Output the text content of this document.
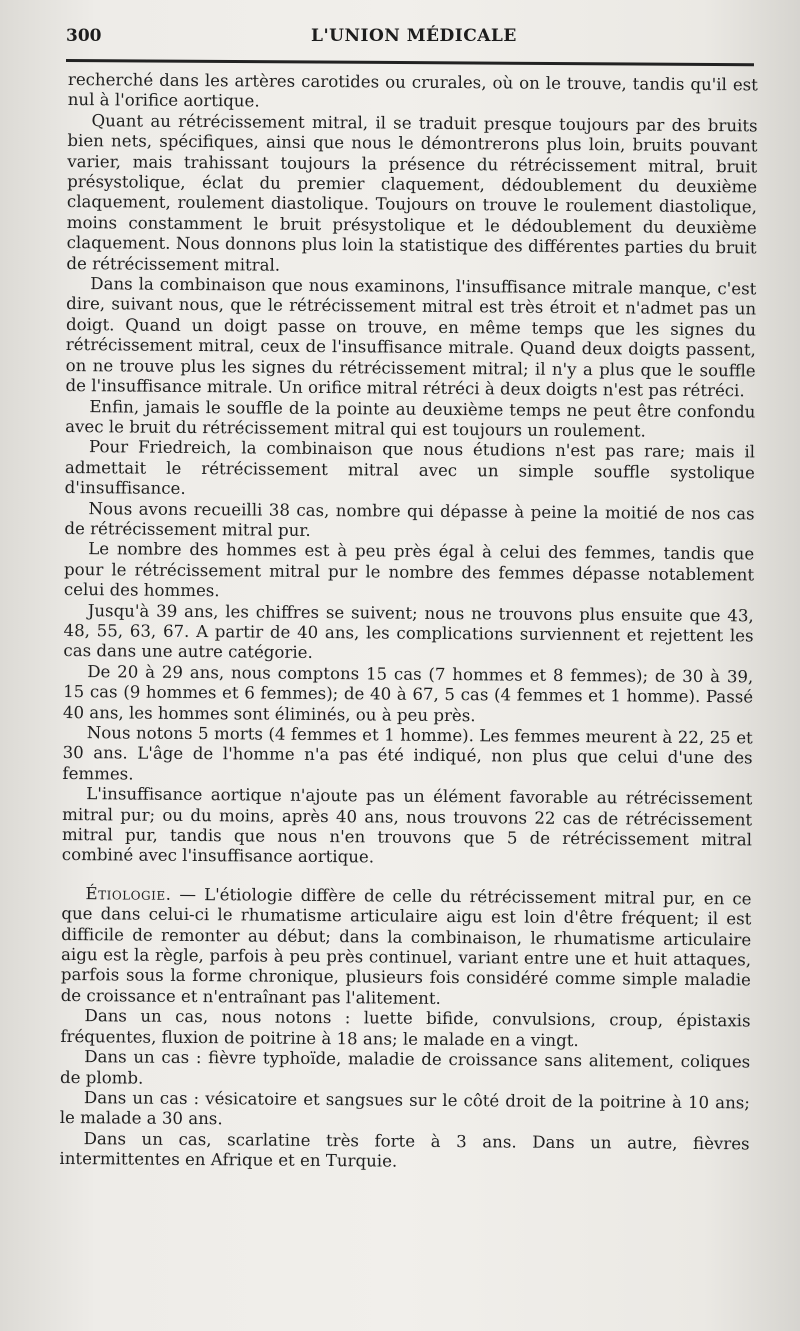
300	L'UNION MÉDICALE

recherché dans les artères carotides ou crurales, où on le trouve, tandis qu'il est nul à l'orifice aortique.

Quant au rétrécissement mitral, il se traduit presque toujours par des bruits bien nets, spécifiques, ainsi que nous le démontrerons plus loin, bruits pouvant varier, mais trahissant toujours la présence du rétrécissement mitral, bruit présystolique, éclat du premier claquement, dédoublement du deuxième claquement, roulement diastolique. Toujours on trouve le roulement diastolique, moins constamment le bruit présystolique et le dédoublement du deuxième claquement. Nous donnons plus loin la statistique des différentes parties du bruit de rétrécissement mitral.

Dans la combinaison que nous examinons, l'insuffisance mitrale manque, c'est dire, suivant nous, que le rétrécissement mitral est très étroit et n'admet pas un doigt. Quand un doigt passe on trouve, en même temps que les signes du rétrécissement mitral, ceux de l'insuffisance mitrale. Quand deux doigts passent, on ne trouve plus les signes du rétrécissement mitral; il n'y a plus que le souffle de l'insuffisance mitrale. Un orifice mitral rétréci à deux doigts n'est pas rétréci.

Enfin, jamais le souffle de la pointe au deuxième temps ne peut être confondu avec le bruit du rétrécissement mitral qui est toujours un roulement.

Pour Friedreich, la combinaison que nous étudions n'est pas rare; mais il admettait le rétrécissement mitral avec un simple souffle systolique d'insuffisance.

Nous avons recueilli 38 cas, nombre qui dépasse à peine la moitié de nos cas de rétrécissement mitral pur.

Le nombre des hommes est à peu près égal à celui des femmes, tandis que pour le rétrécissement mitral pur le nombre des femmes dépasse notablement celui des hommes.

Jusqu'à 39 ans, les chiffres se suivent; nous ne trouvons plus ensuite que 43, 48, 55, 63, 67. A partir de 40 ans, les complications surviennent et rejettent les cas dans une autre catégorie.

De 20 à 29 ans, nous comptons 15 cas (7 hommes et 8 femmes); de 30 à 39, 15 cas (9 hommes et 6 femmes); de 40 à 67, 5 cas (4 femmes et 1 homme). Passé 40 ans, les hommes sont éliminés, ou à peu près.

Nous notons 5 morts (4 femmes et 1 homme). Les femmes meurent à 22, 25 et 30 ans. L'âge de l'homme n'a pas été indiqué, non plus que celui d'une des femmes.

L'insuffisance aortique n'ajoute pas un élément favorable au rétrécissement mitral pur; ou du moins, après 40 ans, nous trouvons 22 cas de rétrécissement mitral pur, tandis que nous n'en trouvons que 5 de rétrécissement mitral combiné avec l'insuffisance aortique.

Étiologie. — L'étiologie diffère de celle du rétrécissement mitral pur, en ce que dans celui-ci le rhumatisme articulaire aigu est loin d'être fréquent; il est difficile de remonter au début; dans la combinaison, le rhumatisme articulaire aigu est la règle, parfois à peu près continuel, variant entre une et huit attaques, parfois sous la forme chronique, plusieurs fois considéré comme simple maladie de croissance et n'entraînant pas l'alitement.

Dans un cas, nous notons : luette bifide, convulsions, croup, épistaxis fréquentes, fluxion de poitrine à 18 ans; le malade en a vingt.

Dans un cas : fièvre typhoïde, maladie de croissance sans alitement, coliques de plomb.

Dans un cas : vésicatoire et sangsues sur le côté droit de la poitrine à 10 ans; le malade a 30 ans.

Dans un cas, scarlatine très forte à 3 ans. Dans un autre, fièvres intermittentes en Afrique et en Turquie.
